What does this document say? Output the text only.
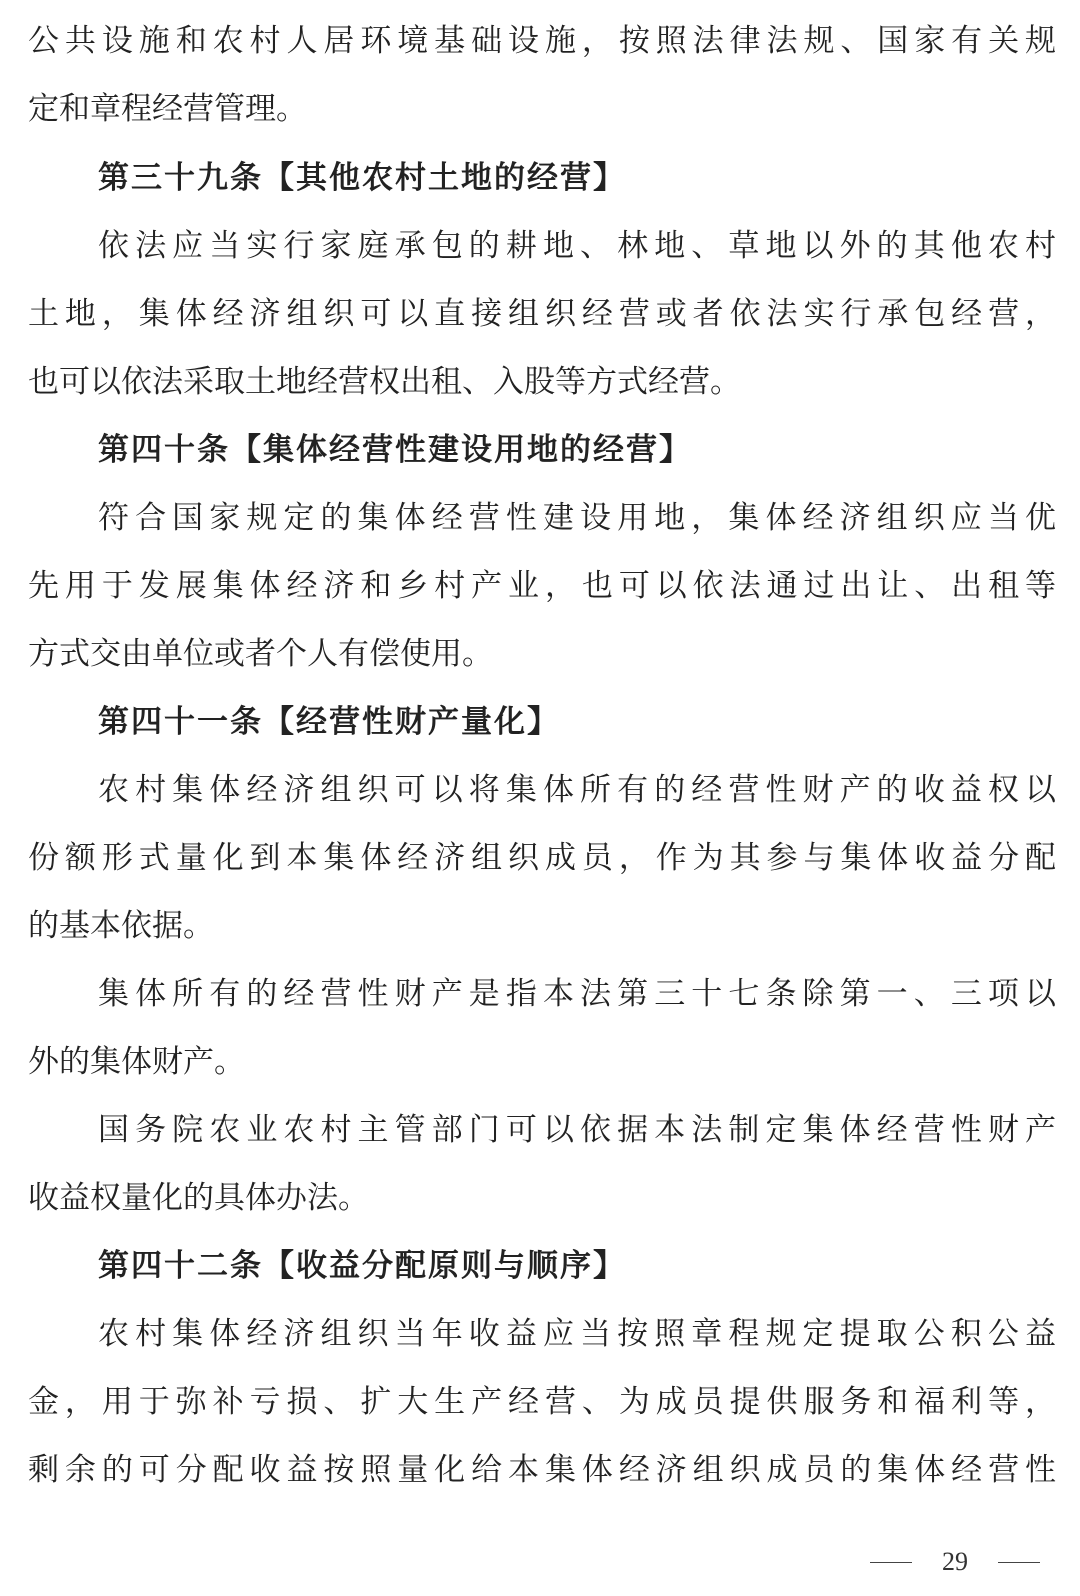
公共设施和农村人居环境基础设施，按照法律法规、国家有关规
定和章程经营管理。
第三十九条【其他农村土地的经营】
依法应当实行家庭承包的耕地、林地、草地以外的其他农村
土地，集体经济组织可以直接组织经营或者依法实行承包经营，
也可以依法采取土地经营权出租、入股等方式经营。
第四十条【集体经营性建设用地的经营】
符合国家规定的集体经营性建设用地，集体经济组织应当优
先用于发展集体经济和乡村产业，也可以依法通过出让、出租等
方式交由单位或者个人有偿使用。
第四十一条【经营性财产量化】
农村集体经济组织可以将集体所有的经营性财产的收益权以
份额形式量化到本集体经济组织成员，作为其参与集体收益分配
的基本依据。
集体所有的经营性财产是指本法第三十七条除第一、三项以
外的集体财产。
国务院农业农村主管部门可以依据本法制定集体经营性财产
收益权量化的具体办法。
第四十二条【收益分配原则与顺序】
农村集体经济组织当年收益应当按照章程规定提取公积公益
金，用于弥补亏损、扩大生产经营、为成员提供服务和福利等，
剩余的可分配收益按照量化给本集体经济组织成员的集体经营性
29
